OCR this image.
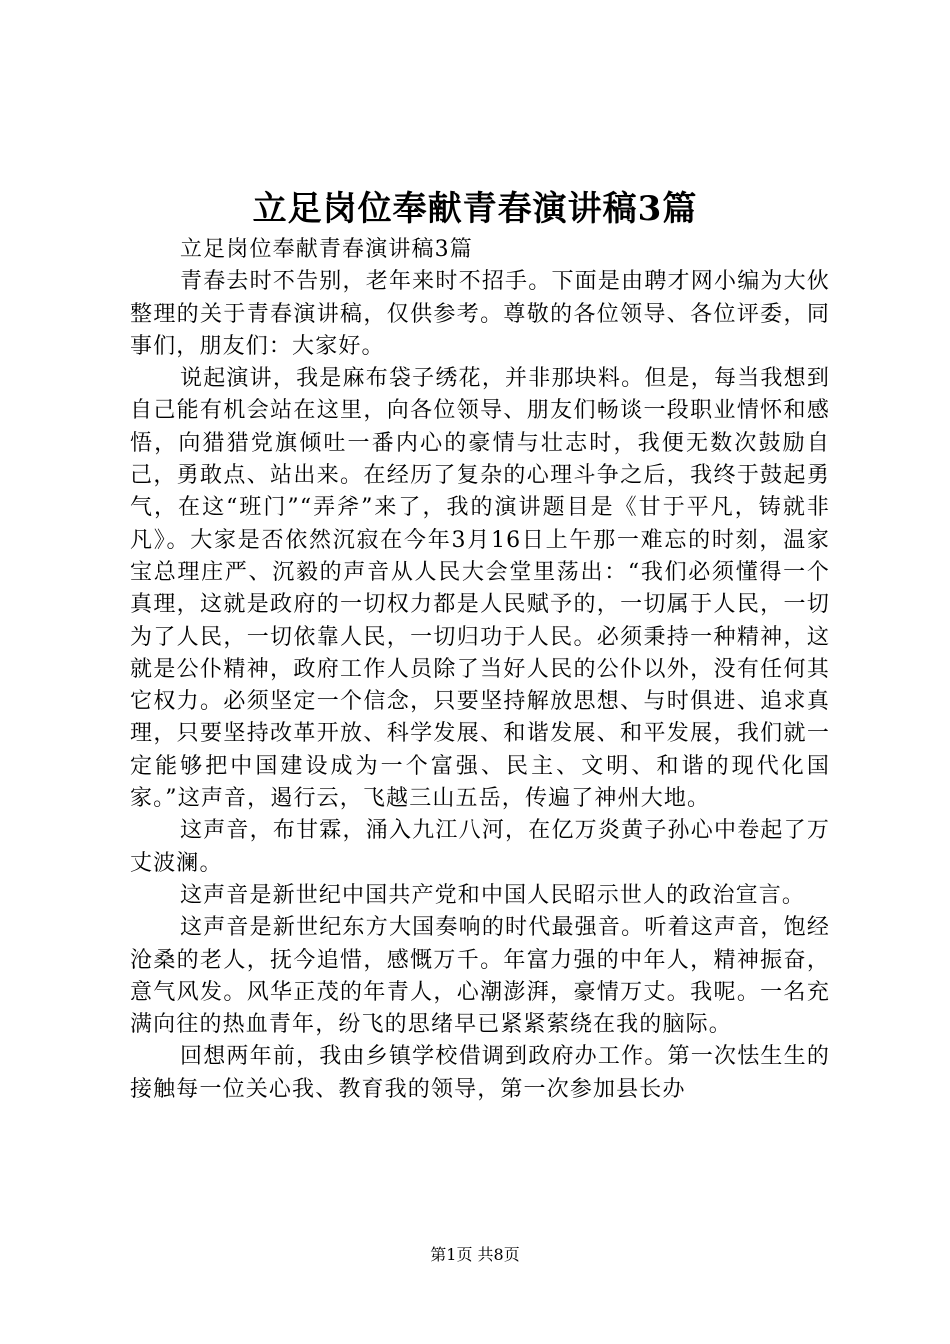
立足岗位奉献青春演讲稿3篇

立足岗位奉献青春演讲稿3篇

青春去时不告别，老年来时不招手。下面是由聘才网小编为大伙整理的关于青春演讲稿，仅供参考。尊敬的各位领导、各位评委，同事们，朋友们：大家好。

说起演讲，我是麻布袋子绣花，并非那块料。但是，每当我想到自己能有机会站在这里，向各位领导、朋友们畅谈一段职业情怀和感悟，向猎猎党旗倾吐一番内心的豪情与壮志时，我便无数次鼓励自己，勇敢点、站出来。在经历了复杂的心理斗争之后，我终于鼓起勇气，在这“班门”“弄斧”来了，我的演讲题目是《甘于平凡，铸就非凡》。大家是否依然沉寂在今年3月16日上午那一难忘的时刻，温家宝总理庄严、沉毅的声音从人民大会堂里荡出：“我们必须懂得一个真理，这就是政府的一切权力都是人民赋予的，一切属于人民，一切为了人民，一切依靠人民，一切归功于人民。必须秉持一种精神，这就是公仆精神，政府工作人员除了当好人民的公仆以外，没有任何其它权力。必须坚定一个信念，只要坚持解放思想、与时俱进、追求真理，只要坚持改革开放、科学发展、和谐发展、和平发展，我们就一定能够把中国建设成为一个富强、民主、文明、和谐的现代化国家。”这声音，遏行云，飞越三山五岳，传遍了神州大地。

这声音，布甘霖，涌入九江八河，在亿万炎黄子孙心中卷起了万丈波澜。

这声音是新世纪中国共产党和中国人民昭示世人的政治宣言。

这声音是新世纪东方大国奏响的时代最强音。听着这声音，饱经沧桑的老人，抚今追惜，感慨万千。年富力强的中年人，精神振奋，意气风发。风华正茂的年青人，心潮澎湃，豪情万丈。我呢。一名充满向往的热血青年，纷飞的思绪早已紧紧萦绕在我的脑际。

回想两年前，我由乡镇学校借调到政府办工作。第一次怯生生的接触每一位关心我、教育我的领导，第一次参加县长办

第1页 共8页
